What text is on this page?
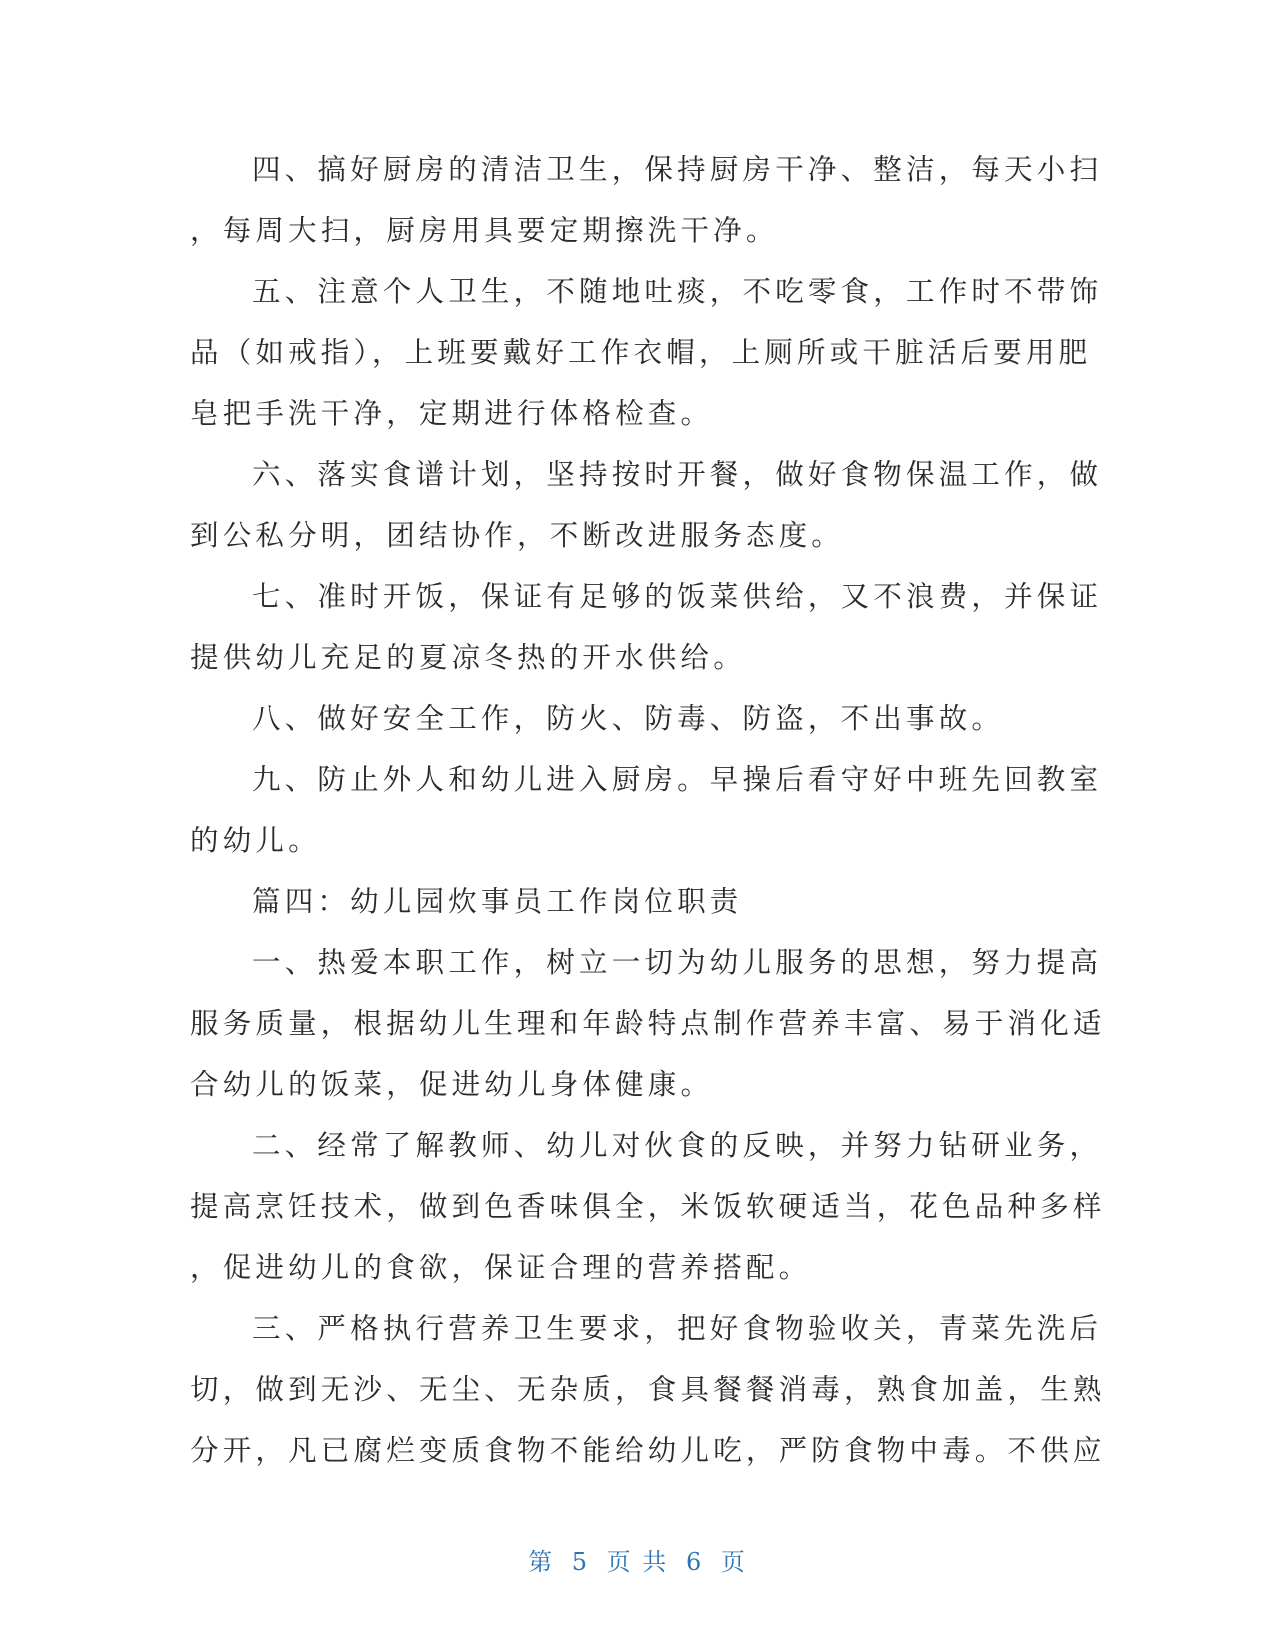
四、搞好厨房的清洁卫生，保持厨房干净、整洁，每天小扫
，每周大扫，厨房用具要定期擦洗干净。
五、注意个人卫生，不随地吐痰，不吃零食，工作时不带饰
品（如戒指），上班要戴好工作衣帽，上厕所或干脏活后要用肥
皂把手洗干净，定期进行体格检查。
六、落实食谱计划，坚持按时开餐，做好食物保温工作，做
到公私分明，团结协作，不断改进服务态度。
七、准时开饭，保证有足够的饭菜供给，又不浪费，并保证
提供幼儿充足的夏凉冬热的开水供给。
八、做好安全工作，防火、防毒、防盗，不出事故。
九、防止外人和幼儿进入厨房。早操后看守好中班先回教室
的幼儿。
篇四：幼儿园炊事员工作岗位职责
一、热爱本职工作，树立一切为幼儿服务的思想，努力提高
服务质量，根据幼儿生理和年龄特点制作营养丰富、易于消化适
合幼儿的饭菜，促进幼儿身体健康。
二、经常了解教师、幼儿对伙食的反映，并努力钻研业务，
提高烹饪技术，做到色香味俱全，米饭软硬适当，花色品种多样
，促进幼儿的食欲，保证合理的营养搭配。
三、严格执行营养卫生要求，把好食物验收关，青菜先洗后
切，做到无沙、无尘、无杂质，食具餐餐消毒，熟食加盖，生熟
分开，凡已腐烂变质食物不能给幼儿吃，严防食物中毒。不供应
第 5 页 共 6 页
